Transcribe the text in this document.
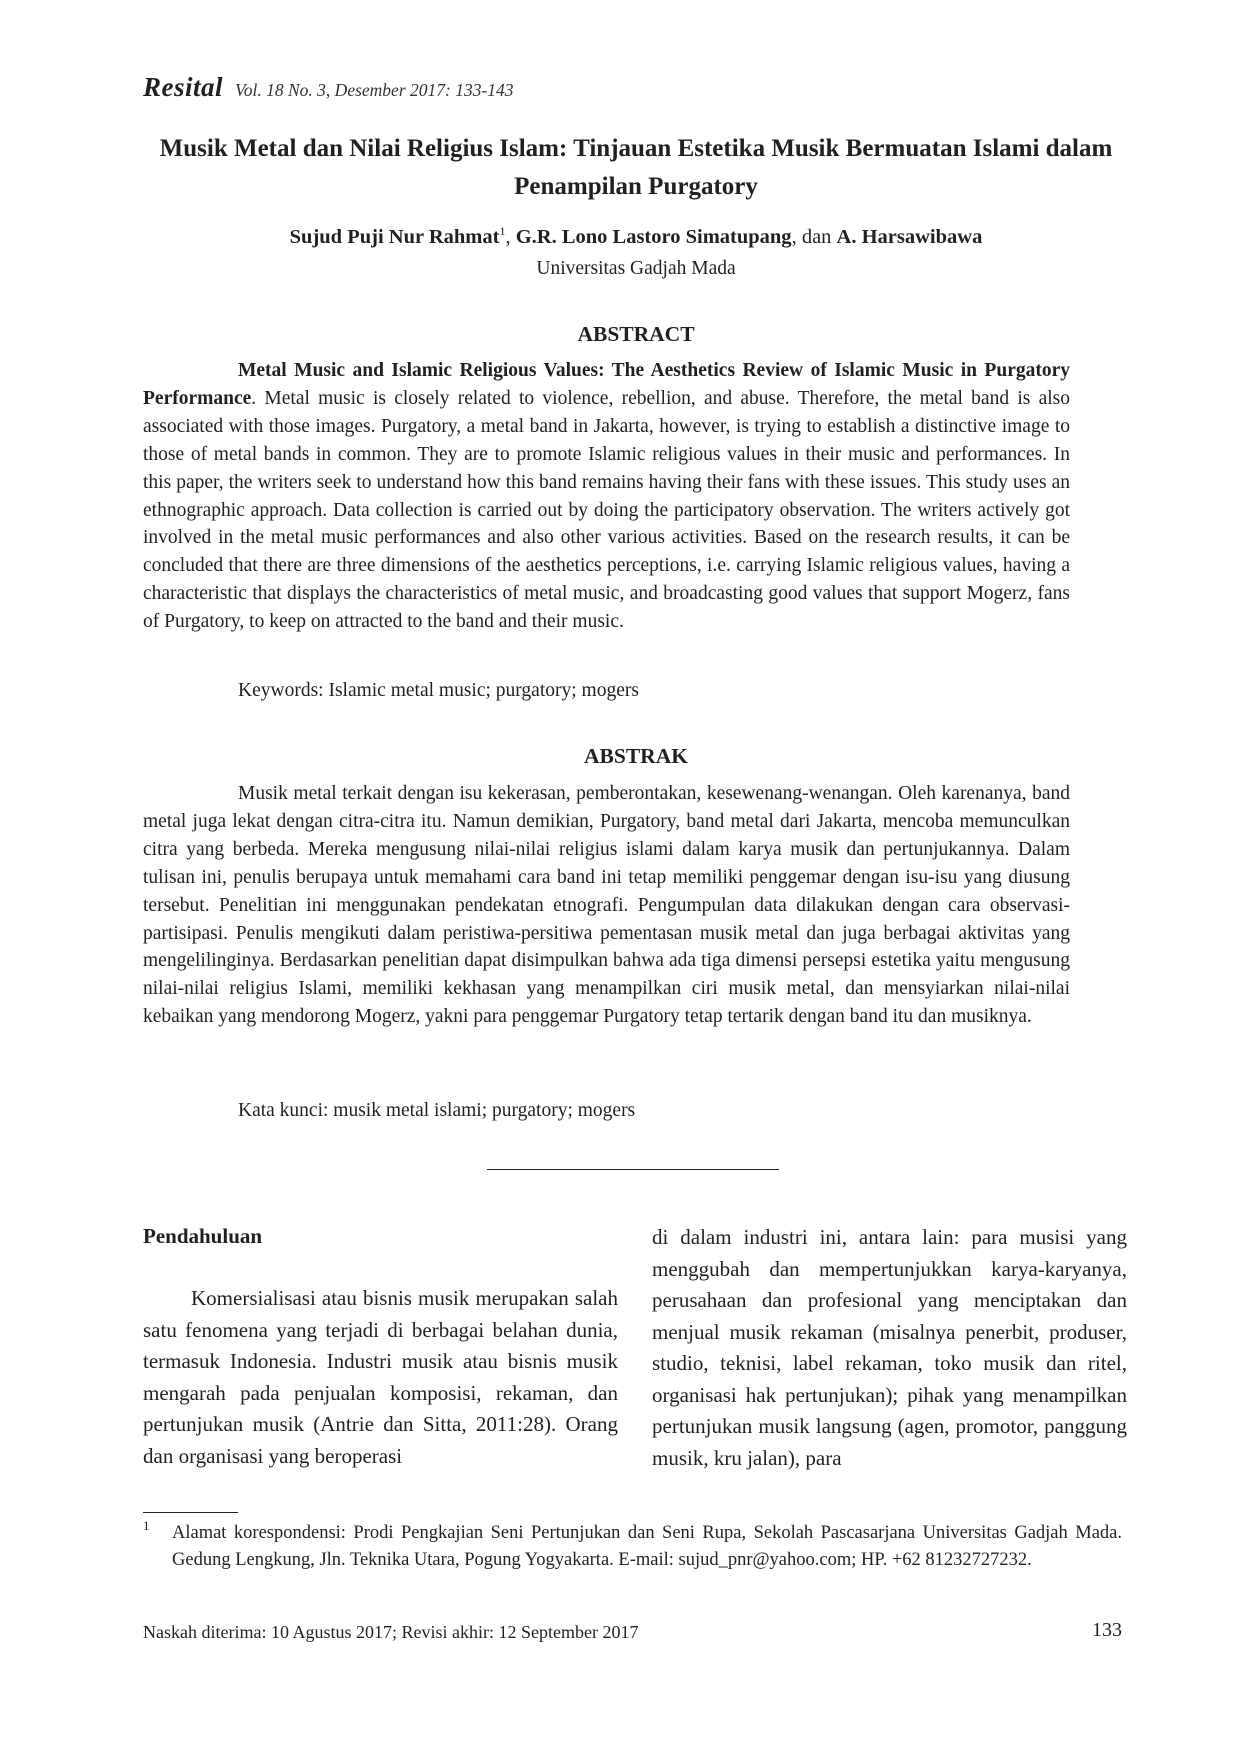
Resital Vol. 18 No. 3, Desember 2017: 133-143
Musik Metal dan Nilai Religius Islam: Tinjauan Estetika Musik Bermuatan Islami dalam Penampilan Purgatory
Sujud Puji Nur Rahmat$^1$, G.R. Lono Lastoro Simatupang, dan A. Harsawibawa
Universitas Gadjah Mada
ABSTRACT
Metal Music and Islamic Religious Values: The Aesthetics Review of Islamic Music in Purgatory Performance. Metal music is closely related to violence, rebellion, and abuse. Therefore, the metal band is also associated with those images. Purgatory, a metal band in Jakarta, however, is trying to establish a distinctive image to those of metal bands in common. They are to promote Islamic religious values in their music and performances. In this paper, the writers seek to understand how this band remains having their fans with these issues. This study uses an ethnographic approach. Data collection is carried out by doing the participatory observation. The writers actively got involved in the metal music performances and also other various activities. Based on the research results, it can be concluded that there are three dimensions of the aesthetics perceptions, i.e. carrying Islamic religious values, having a characteristic that displays the characteristics of metal music, and broadcasting good values that support Mogerz, fans of Purgatory, to keep on attracted to the band and their music.
Keywords: Islamic metal music; purgatory; mogers
ABSTRAK
Musik metal terkait dengan isu kekerasan, pemberontakan, kesewenang-wenangan. Oleh karenanya, band metal juga lekat dengan citra-citra itu. Namun demikian, Purgatory, band metal dari Jakarta, mencoba memunculkan citra yang berbeda. Mereka mengusung nilai-nilai religius islami dalam karya musik dan pertunjukannya. Dalam tulisan ini, penulis berupaya untuk memahami cara band ini tetap memiliki penggemar dengan isu-isu yang diusung tersebut. Penelitian ini menggunakan pendekatan etnografi. Pengumpulan data dilakukan dengan cara observasi-partisipasi. Penulis mengikuti dalam peristiwa-persitiwa pementasan musik metal dan juga berbagai aktivitas yang mengelilinginya. Berdasarkan penelitian dapat disimpulkan bahwa ada tiga dimensi persepsi estetika yaitu mengusung nilai-nilai religius Islami, memiliki kekhasan yang menampilkan ciri musik metal, dan mensyiarkan nilai-nilai kebaikan yang mendorong Mogerz, yakni para penggemar Purgatory tetap tertarik dengan band itu dan musiknya.
Kata kunci: musik metal islami; purgatory; mogers
Pendahuluan
Komersialisasi atau bisnis musik merupakan salah satu fenomena yang terjadi di berbagai belahan dunia, termasuk Indonesia. Industri musik atau bisnis musik mengarah pada penjualan komposisi, rekaman, dan pertunjukan musik (Antrie dan Sitta, 2011:28). Orang dan organisasi yang beroperasi
di dalam industri ini, antara lain: para musisi yang menggubah dan mempertunjukkan karya-karyanya, perusahaan dan profesional yang menciptakan dan menjual musik rekaman (misalnya penerbit, produser, studio, teknisi, label rekaman, toko musik dan ritel, organisasi hak pertunjukan); pihak yang menampilkan pertunjukan musik langsung (agen, promotor, panggung musik, kru jalan), para
1 Alamat korespondensi: Prodi Pengkajian Seni Pertunjukan dan Seni Rupa, Sekolah Pascasarjana Universitas Gadjah Mada. Gedung Lengkung, Jln. Teknika Utara, Pogung Yogyakarta. E-mail: sujud_pnr@yahoo.com; HP. +62 81232727232.
Naskah diterima: 10 Agustus 2017; Revisi akhir: 12 September 2017	133
